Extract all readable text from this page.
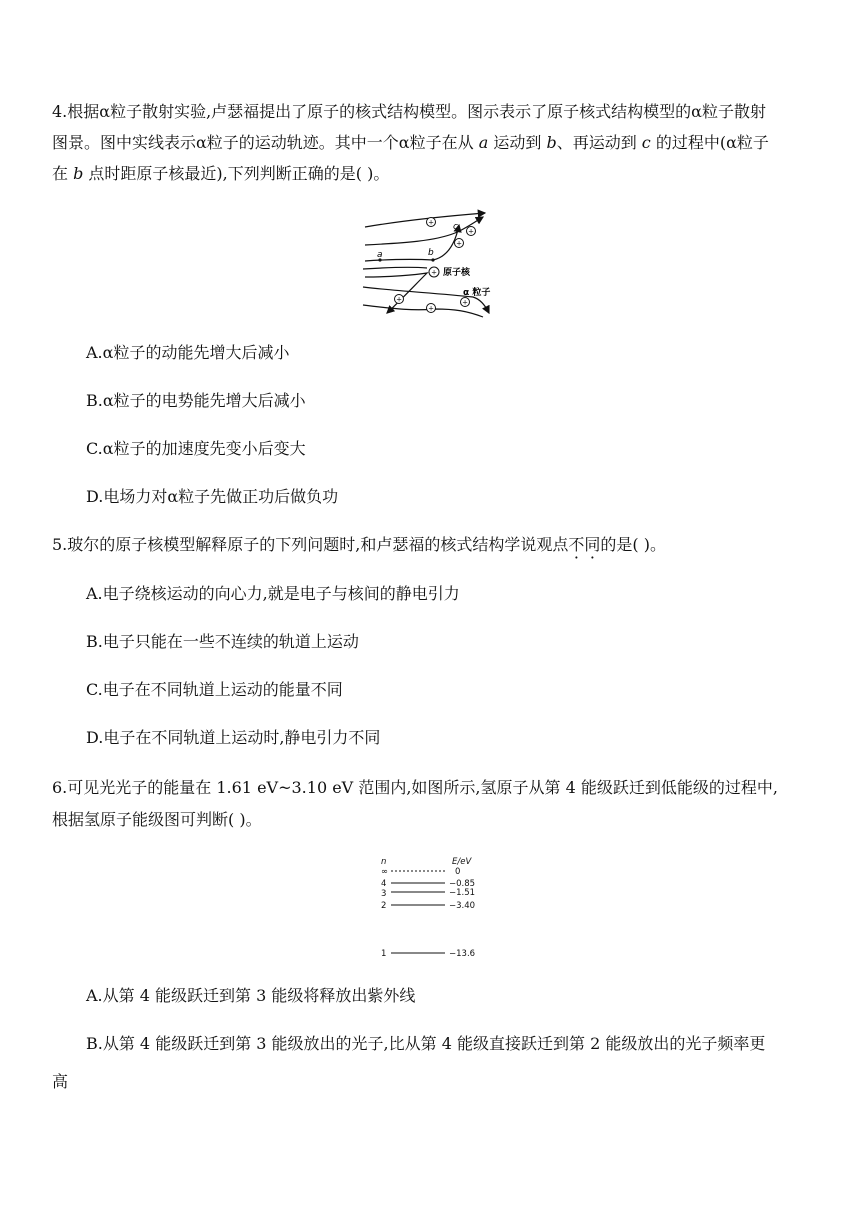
4.根据α粒子散射实验,卢瑟福提出了原子的核式结构模型。图示表示了原子核式结构模型的α粒子散射

图景。图中实线表示α粒子的运动轨迹。其中一个α粒子在从 a 运动到 b、再运动到 c 的过程中(α粒子

在 b 点时距原子核最近),下列判断正确的是( )。

+
+
+
+
+
+
+
a	b
c
原子核
α 粒子

A.α粒子的动能先增大后减小

B.α粒子的电势能先增大后减小

C.α粒子的加速度先变小后变大

D.电场力对α粒子先做正功后做负功

5.玻尔的原子核模型解释原子的下列问题时,和卢瑟福的核式结构学说观点不同的是( )。

A.电子绕核运动的向心力,就是电子与核间的静电引力

B.电子只能在一些不连续的轨道上运动

C.电子在不同轨道上运动的能量不同

D.电子在不同轨道上运动时,静电引力不同

6.可见光光子的能量在 1.61 eV~3.10 eV 范围内,如图所示,氢原子从第 4 能级跃迁到低能级的过程中,

根据氢原子能级图可判断( )。

n	E/eV
∞	0
4	−0.85
3	−1.51
2	−3.40
1	−13.6

A.从第 4 能级跃迁到第 3 能级将释放出紫外线

B.从第 4 能级跃迁到第 3 能级放出的光子,比从第 4 能级直接跃迁到第 2 能级放出的光子频率更

高
